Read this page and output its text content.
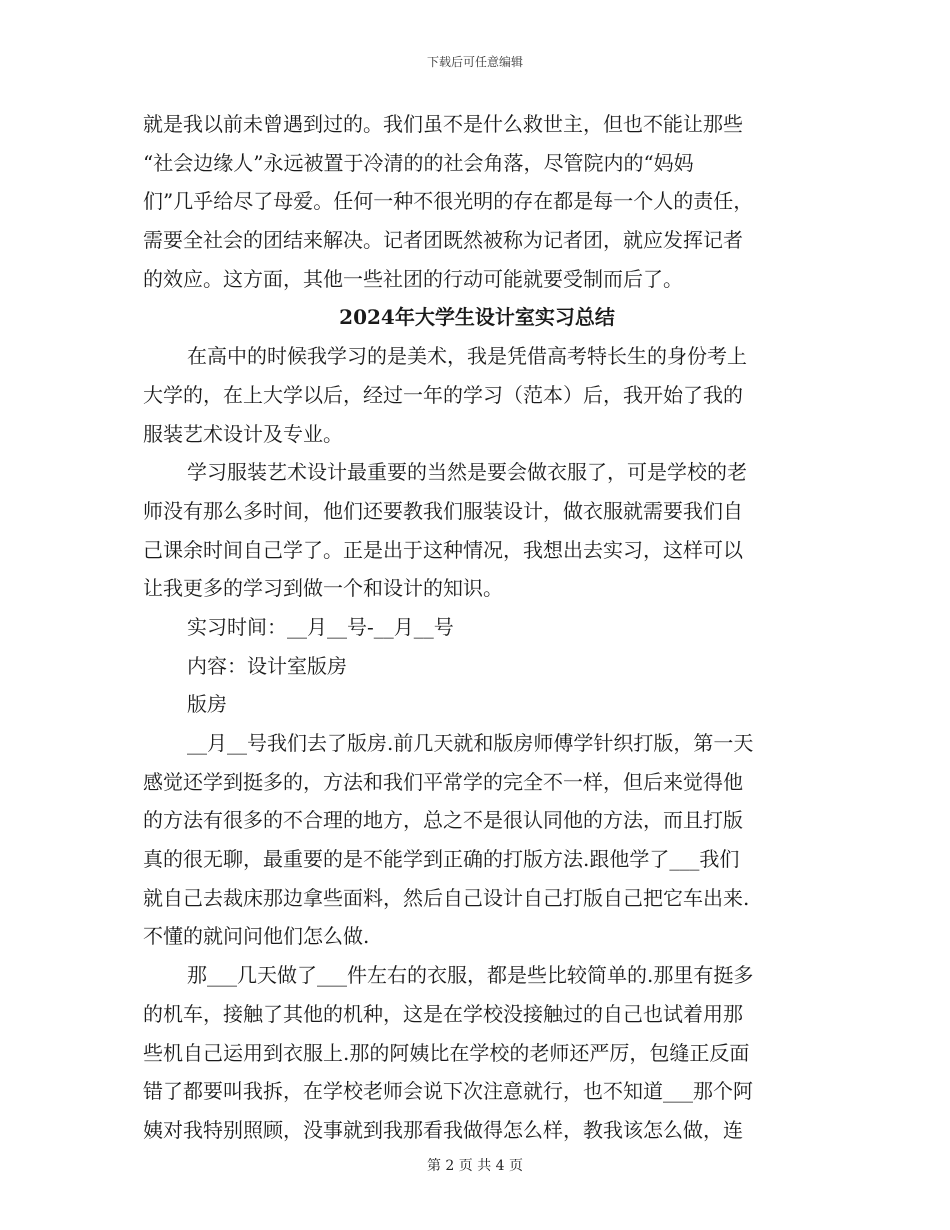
下载后可任意编辑
就是我以前未曾遇到过的。我们虽不是什么救世主，但也不能让那些
“社会边缘人”永远被置于冷清的的社会角落，尽管院内的“妈妈
们”几乎给尽了母爱。任何一种不很光明的存在都是每一个人的责任，
需要全社会的团结来解决。记者团既然被称为记者团，就应发挥记者
的效应。这方面，其他一些社团的行动可能就要受制而后了。
2024年大学生设计室实习总结
在高中的时候我学习的是美术，我是凭借高考特长生的身份考上
大学的，在上大学以后，经过一年的学习（范本）后，我开始了我的
服装艺术设计及专业。
学习服装艺术设计最重要的当然是要会做衣服了，可是学校的老
师没有那么多时间，他们还要教我们服装设计，做衣服就需要我们自
己课余时间自己学了。正是出于这种情况，我想出去实习，这样可以
让我更多的学习到做一个和设计的知识。
实习时间：__月__号-__月__号
内容：设计室版房
版房
__月__号我们去了版房.前几天就和版房师傅学针织打版，第一天
感觉还学到挺多的，方法和我们平常学的完全不一样，但后来觉得他
的方法有很多的不合理的地方，总之不是很认同他的方法，而且打版
真的很无聊，最重要的是不能学到正确的打版方法.跟他学了___我们
就自己去裁床那边拿些面料，然后自己设计自己打版自己把它车出来.
不懂的就问问他们怎么做.
那___几天做了___件左右的衣服，都是些比较简单的.那里有挺多
的机车，接触了其他的机种，这是在学校没接触过的自己也试着用那
些机自己运用到衣服上.那的阿姨比在学校的老师还严厉，包缝正反面
错了都要叫我拆，在学校老师会说下次注意就行，也不知道___那个阿
姨对我特别照顾，没事就到我那看我做得怎么样，教我该怎么做，连
第 2 页 共 4 页
